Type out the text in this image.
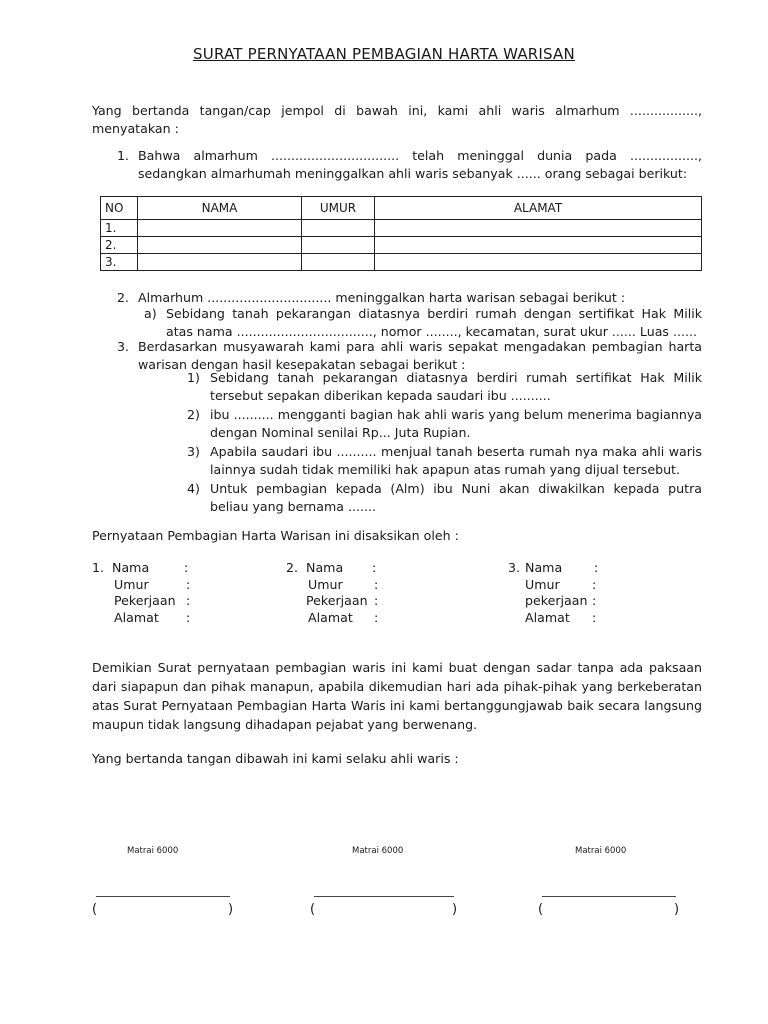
SURAT PERNYATAAN PEMBAGIAN HARTA WARISAN

Yang bertanda tangan/cap jempol di bawah ini, kami ahli waris almarhum ................., menyatakan :

1. Bahwa almarhum ................................ telah meninggal dunia pada ................., sedangkan almarhumah meninggalkan ahli waris sebanyak ...... orang sebagai berikut:
NO	NAMA	UMUR	ALAMAT
1.			
2.			
3.			
2. Almarhum ............................... meninggalkan harta warisan sebagai berikut :
a) Sebidang tanah pekarangan diatasnya berdiri rumah dengan sertifikat Hak Milik atas nama .................................., nomor ........, kecamatan, surat ukur ...... Luas ......
3. Berdasarkan musyawarah kami para ahli waris sepakat mengadakan pembagian harta warisan dengan hasil kesepakatan sebagai berikut :
1) Sebidang tanah pekarangan diatasnya berdiri rumah sertifikat Hak Milik tersebut sepakan diberikan kepada saudari ibu ..........
2) ibu .......... mengganti bagian hak ahli waris yang belum menerima bagiannya dengan Nominal senilai Rp... Juta Rupian.
3) Apabila saudari ibu .......... menjual tanah beserta rumah nya maka ahli waris lainnya sudah tidak memiliki hak apapun atas rumah yang dijual tersebut.
4) Untuk pembagian kepada (Alm) ibu Nuni akan diwakilkan kepada putra beliau yang bernama .......

Pernyataan Pembagian Harta Warisan ini disaksikan oleh :

1. Nama	:
Umur	:
Pekerjaan :
Alamat :
2. Nama :
Umur :
Pekerjaan :
Alamat :
3. Nama	:
Umur	:
pekerjaan :
Alamat :

Demikian Surat pernyataan pembagian waris ini kami buat dengan sadar tanpa ada paksaan dari siapapun dan pihak manapun, apabila dikemudian hari ada pihak-pihak yang berkeberatan atas Surat Pernyataan Pembagian Harta Waris ini kami bertanggungjawab baik secara langsung maupun tidak langsung dihadapan pejabat yang berwenang.

Yang bertanda tangan dibawah ini kami selaku ahli waris :

Matrai 6000	Matrai 6000	Matrai 6000
(	)	(	)	(	)
